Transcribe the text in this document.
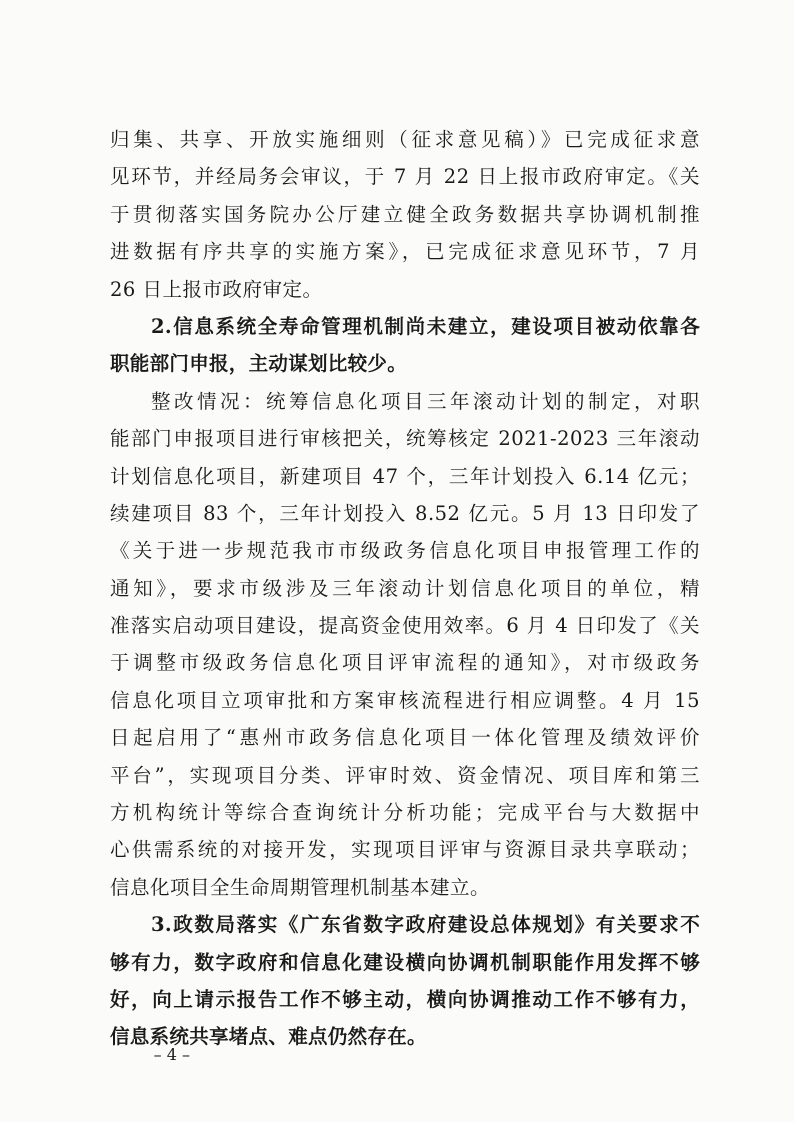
归集、共享、开放实施细则（征求意见稿）》已完成征求意
见环节，并经局务会审议，于 7 月 22 日上报市政府审定。《关
于贯彻落实国务院办公厅建立健全政务数据共享协调机制推
进数据有序共享的实施方案》，已完成征求意见环节，7 月
26 日上报市政府审定。
2.信息系统全寿命管理机制尚未建立，建设项目被动依靠各
职能部门申报，主动谋划比较少。
整改情况：统筹信息化项目三年滚动计划的制定，对职
能部门申报项目进行审核把关，统筹核定 2021-2023 三年滚动
计划信息化项目，新建项目 47 个，三年计划投入 6.14 亿元；
续建项目 83 个，三年计划投入 8.52 亿元。5 月 13 日印发了
《关于进一步规范我市市级政务信息化项目申报管理工作的
通知》，要求市级涉及三年滚动计划信息化项目的单位，精
准落实启动项目建设，提高资金使用效率。6 月 4 日印发了《关
于调整市级政务信息化项目评审流程的通知》，对市级政务
信息化项目立项审批和方案审核流程进行相应调整。4 月 15
日起启用了“惠州市政务信息化项目一体化管理及绩效评价
平台”，实现项目分类、评审时效、资金情况、项目库和第三
方机构统计等综合查询统计分析功能；完成平台与大数据中
心供需系统的对接开发，实现项目评审与资源目录共享联动；
信息化项目全生命周期管理机制基本建立。
3.政数局落实《广东省数字政府建设总体规划》有关要求不
够有力，数字政府和信息化建设横向协调机制职能作用发挥不够
好，向上请示报告工作不够主动，横向协调推动工作不够有力，
信息系统共享堵点、难点仍然存在。
– 4 –
